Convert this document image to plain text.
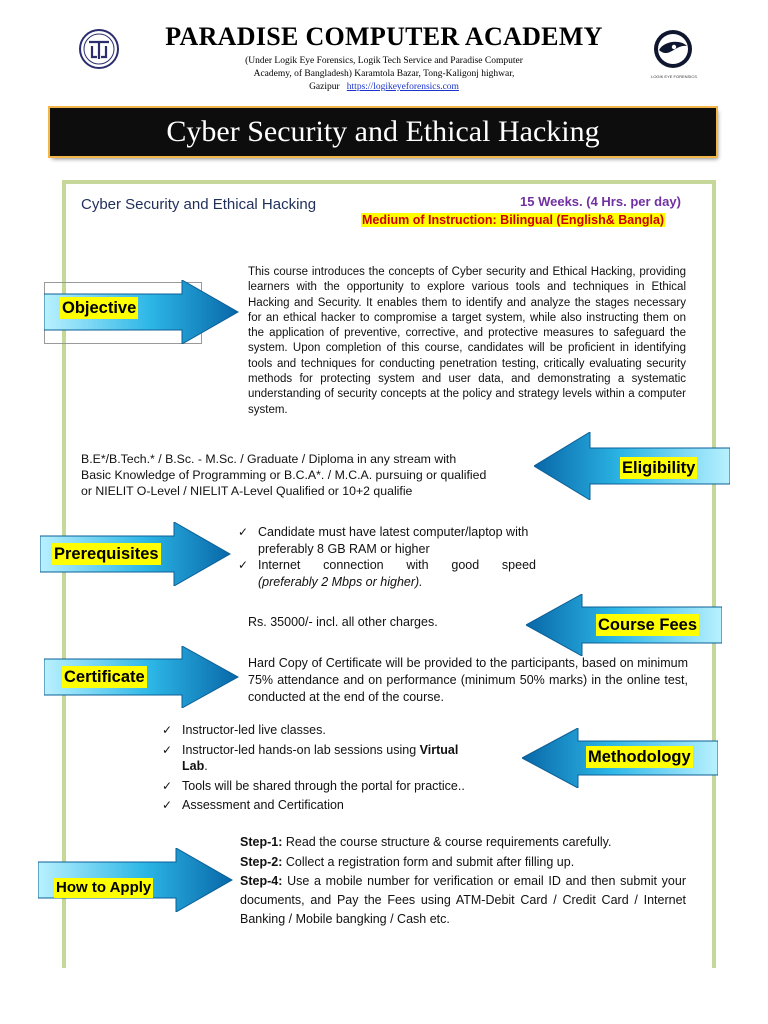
PARADISE COMPUTER ACADEMY
(Under Logik Eye Forensics, Logik Tech Service and Paradise Computer
Academy, of Bangladesh) Karamtola Bazar, Tong-Kaligonj highwar,
Gazipur https://logikeyeforensics.com
LOGIK EYE FORENSICS
Cyber Security and Ethical Hacking
Cyber Security and Ethical Hacking	15 Weeks. (4 Hrs. per day)
Medium of Instruction: Bilingual (English& Bangla)
Objective
This course introduces the concepts of Cyber security and Ethical Hacking, providing learners with the opportunity to explore various tools and techniques in Ethical Hacking and Security. It enables them to identify and analyze the stages necessary for an ethical hacker to compromise a target system, while also instructing them on the application of preventive, corrective, and protective measures to safeguard the system. Upon completion of this course, candidates will be proficient in identifying tools and techniques for conducting penetration testing, critically evaluating security methods for protecting system and user data, and demonstrating a systematic understanding of security concepts at the policy and strategy levels within a computer system.
Eligibility
B.E*/B.Tech.* / B.Sc. - M.Sc. / Graduate / Diploma in any stream with
Basic Knowledge of Programming or B.C.A*. / M.C.A. pursuing or qualified
or NIELIT O-Level / NIELIT A-Level Qualified or 10+2 qualifie
Prerequisites
✓ Candidate must have latest computer/laptop with preferably 8 GB RAM or higher
✓ Internet connection with good speed
(preferably 2 Mbps or higher).
Course Fees
Rs. 35000/- incl. all other charges.
Certificate
Hard Copy of Certificate will be provided to the participants, based on minimum 75% attendance and on performance (minimum 50% marks) in the online test, conducted at the end of the course.
Methodology
✓ Instructor-led live classes.
✓ Instructor-led hands-on lab sessions using Virtual
Lab.
✓ Tools will be shared through the portal for practice..
✓ Assessment and Certification
How to Apply
Step-1: Read the course structure & course requirements carefully.
Step-2: Collect a registration form and submit after filling up.
Step-4: Use a mobile number for verification or email ID and then submit your documents, and Pay the Fees using ATM-Debit Card / Credit Card / Internet Banking / Mobile bangking / Cash etc.
